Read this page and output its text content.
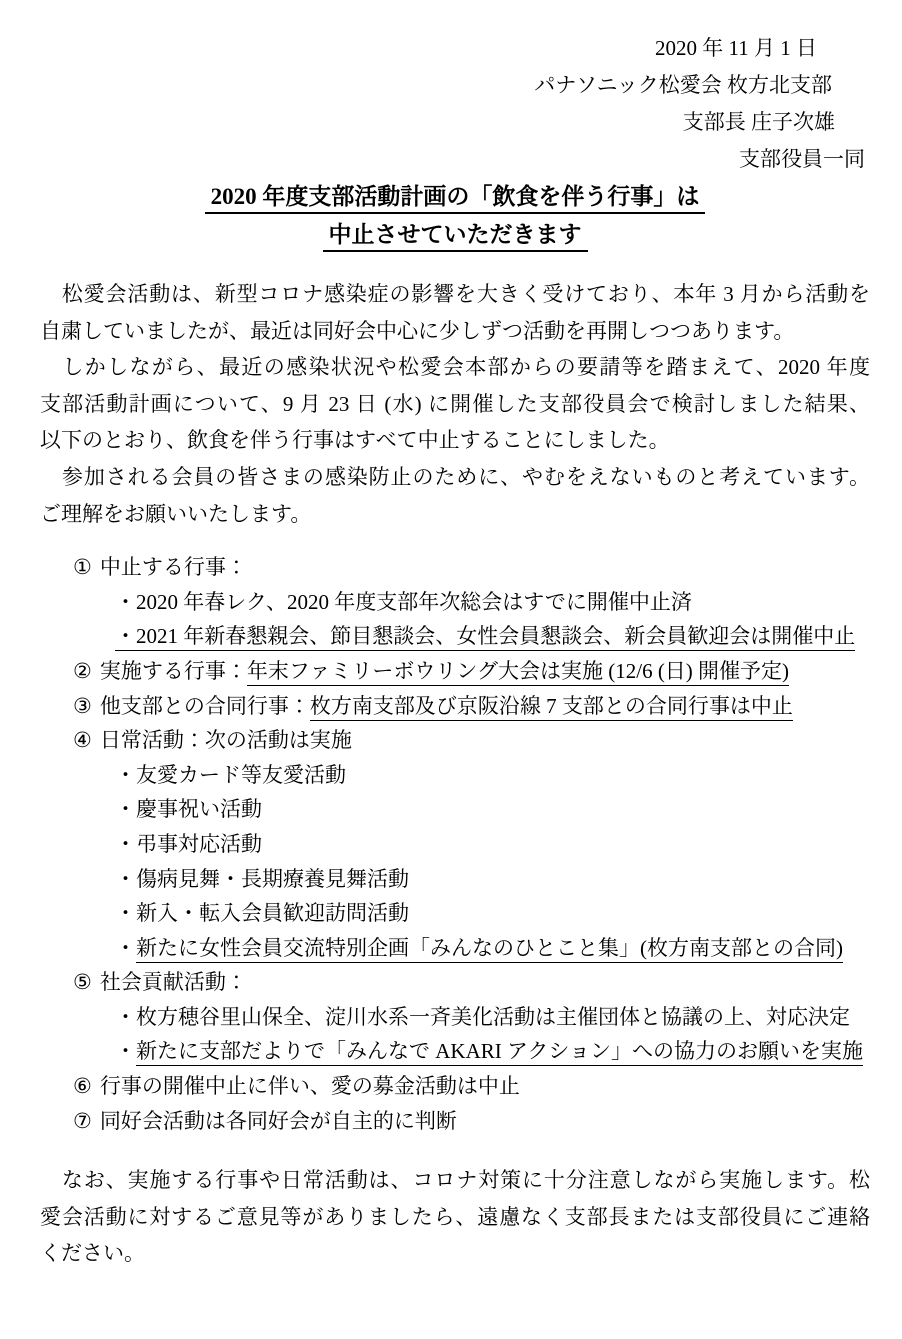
2020 年 11 月 1 日
パナソニック松愛会 枚方北支部
支部長 庄子次雄
支部役員一同
2020 年度支部活動計画の「飲食を伴う行事」は
中止させていただきます
　松愛会活動は、新型コロナ感染症の影響を大きく受けており、本年 3 月から活動を
自粛していましたが、最近は同好会中心に少しずつ活動を再開しつつあります。
　しかしながら、最近の感染状況や松愛会本部からの要請等を踏まえて、2020 年度
支部活動計画について、9 月 23 日 (水) に開催した支部役員会で検討しました結果、
以下のとおり、飲食を伴う行事はすべて中止することにしました。
　参加される会員の皆さまの感染防止のために、やむをえないものと考えています。
ご理解をお願いいたします。
① 中止する行事：
・2020 年春レク、2020 年度支部年次総会はすでに開催中止済
・2021 年新春懇親会、節目懇談会、女性会員懇談会、新会員歓迎会は開催中止
② 実施する行事：年末ファミリーボウリング大会は実施 (12/6 (日) 開催予定)
③ 他支部との合同行事：枚方南支部及び京阪沿線 7 支部との合同行事は中止
④ 日常活動：次の活動は実施
・友愛カード等友愛活動
・慶事祝い活動
・弔事対応活動
・傷病見舞・長期療養見舞活動
・新入・転入会員歓迎訪問活動
・新たに女性会員交流特別企画「みんなのひとこと集」(枚方南支部との合同)
⑤ 社会貢献活動：
・枚方穂谷里山保全、淀川水系一斉美化活動は主催団体と協議の上、対応決定
・新たに支部だよりで「みんなで AKARI アクション」への協力のお願いを実施
⑥ 行事の開催中止に伴い、愛の募金活動は中止
⑦ 同好会活動は各同好会が自主的に判断
　なお、実施する行事や日常活動は、コロナ対策に十分注意しながら実施します。松
愛会活動に対するご意見等がありましたら、遠慮なく支部長または支部役員にご連絡
ください。
